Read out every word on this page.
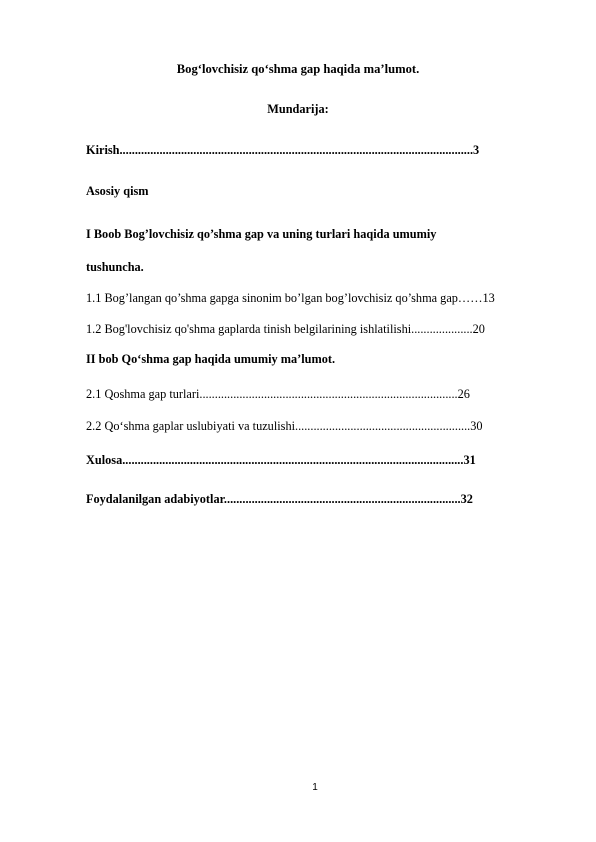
Bog‘lovchisiz qo‘shma gap haqida ma’lumot.
Mundarija:
Kirish...................................................................................................................3
Asosiy qism
I Boob Bog’lovchisiz qo’shma gap va uning turlari haqida umumiy
tushuncha.
1.1 Bog’langan qo’shma gapga sinonim bo’lgan bog’lovchisiz qo’shma gap……13
1.2 Bog'lovchisiz qo'shma gaplarda tinish belgilarining ishlatilishi....................20
II bob Qo‘shma gap haqida umumiy ma’lumot.
2.1 Qoshma gap turlari....................................................................................26
2.2 Qo‘shma gaplar uslubiyati va tuzulishi.........................................................30
Xulosa...............................................................................................................31
Foydalanilgan adabiyotlar.............................................................................32
1
